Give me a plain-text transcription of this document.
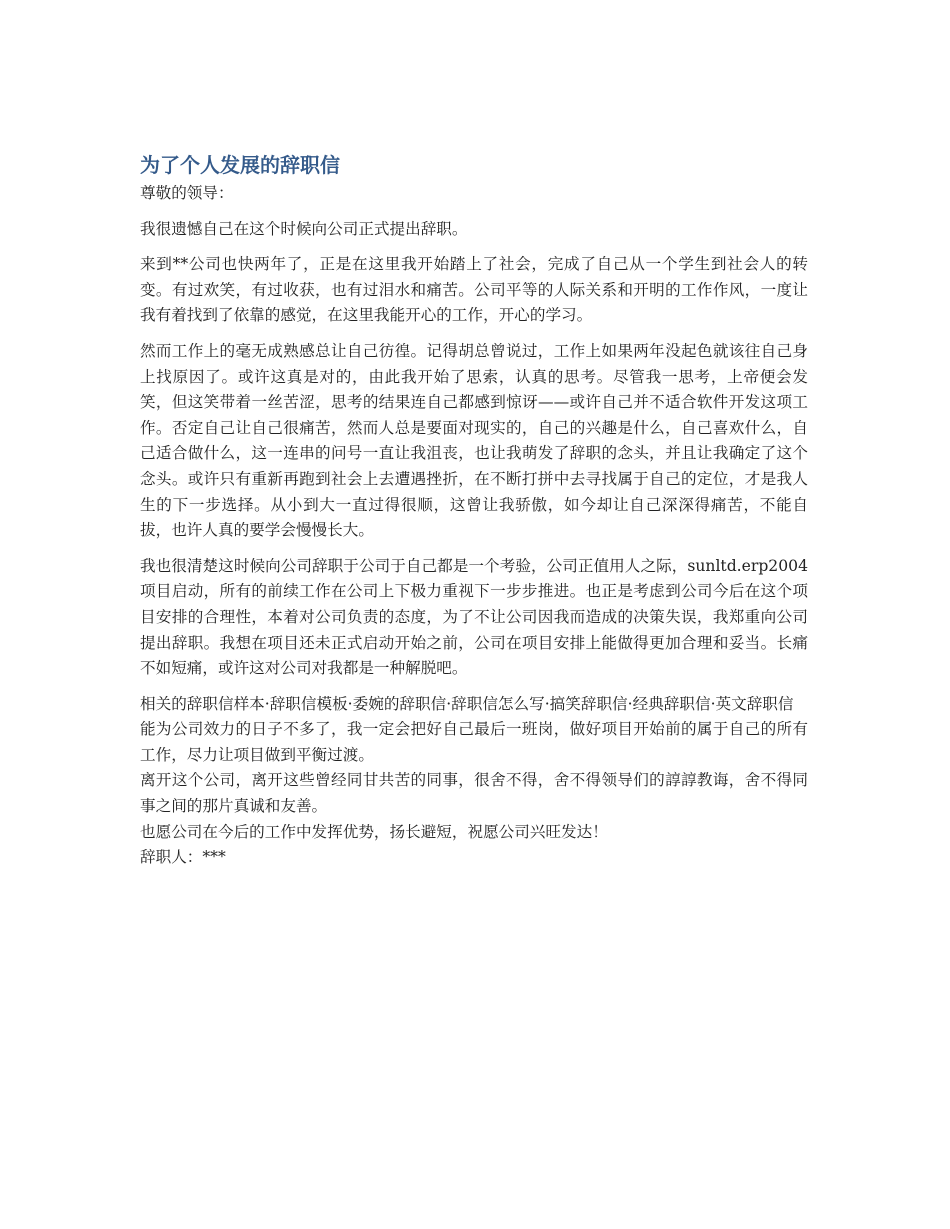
为了个人发展的辞职信

尊敬的领导：

我很遗憾自己在这个时候向公司正式提出辞职。

来到**公司也快两年了，正是在这里我开始踏上了社会，完成了自己从一个学生到社会人的转变。有过欢笑，有过收获，也有过泪水和痛苦。公司平等的人际关系和开明的工作作风，一度让我有着找到了依靠的感觉，在这里我能开心的工作，开心的学习。

然而工作上的毫无成熟感总让自己彷徨。记得胡总曾说过，工作上如果两年没起色就该往自己身上找原因了。或许这真是对的，由此我开始了思索，认真的思考。尽管我一思考，上帝便会发笑，但这笑带着一丝苦涩，思考的结果连自己都感到惊讶——或许自己并不适合软件开发这项工作。否定自己让自己很痛苦，然而人总是要面对现实的，自己的兴趣是什么，自己喜欢什么，自己适合做什么，这一连串的问号一直让我沮丧，也让我萌发了辞职的念头，并且让我确定了这个念头。或许只有重新再跑到社会上去遭遇挫折，在不断打拼中去寻找属于自己的定位，才是我人生的下一步选择。从小到大一直过得很顺，这曾让我骄傲，如今却让自己深深得痛苦，不能自拔，也许人真的要学会慢慢长大。

我也很清楚这时候向公司辞职于公司于自己都是一个考验，公司正值用人之际，sunltd.erp2004项目启动，所有的前续工作在公司上下极力重视下一步步推进。也正是考虑到公司今后在这个项目安排的合理性，本着对公司负责的态度，为了不让公司因我而造成的决策失误，我郑重向公司提出辞职。我想在项目还未正式启动开始之前，公司在项目安排上能做得更加合理和妥当。长痛不如短痛，或许这对公司对我都是一种解脱吧。

相关的辞职信样本·辞职信模板·委婉的辞职信·辞职信怎么写·搞笑辞职信·经典辞职信·英文辞职信

能为公司效力的日子不多了，我一定会把好自己最后一班岗，做好项目开始前的属于自己的所有工作，尽力让项目做到平衡过渡。

离开这个公司，离开这些曾经同甘共苦的同事，很舍不得，舍不得领导们的諄諄教诲，舍不得同事之间的那片真诚和友善。

也愿公司在今后的工作中发挥优势，扬长避短，祝愿公司兴旺发达！

辞职人：***
